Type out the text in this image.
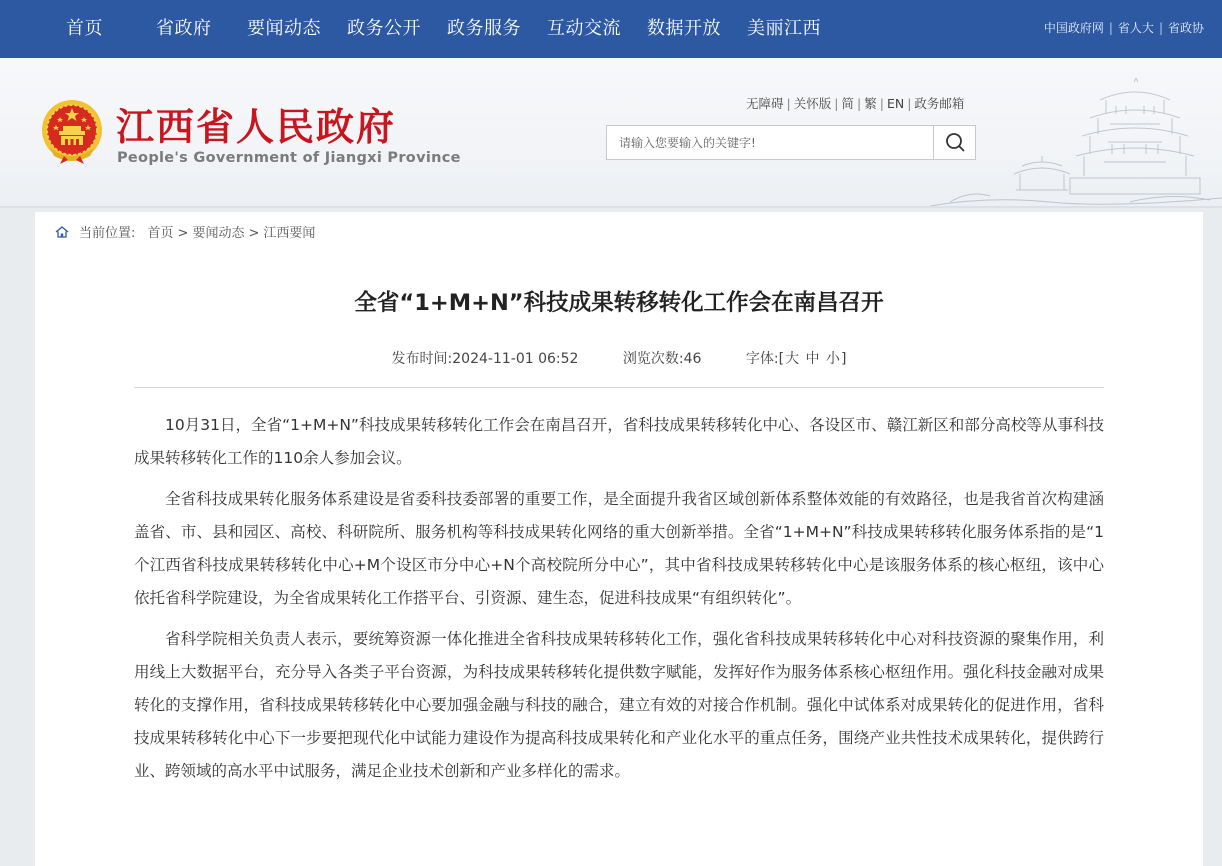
首页	省政府 要闻动态 政务公开 政务服务 互动交流 数据开放 美丽江西	中国政府网 | 省人大 | 省政协
江西省人民政府
People's Government of Jiangxi Province
无障碍 | 关怀版 | 简 | 繁 | EN | 政务邮箱
请输入您要输入的关键字!
当前位置: 首页 > 要闻动态 > 江西要闻
全省“1+M+N”科技成果转移转化工作会在南昌召开
发布时间:2024-11-01 06:52	浏览次数:46	字体:[大 中 小]

10月31日，全省“1+M+N”科技成果转移转化工作会在南昌召开，省科技成果转移转化中心、各设区市、赣江新区和部分高校等从事科技成果转移转化工作的110余人参加会议。

全省科技成果转化服务体系建设是省委科技委部署的重要工作，是全面提升我省区域创新体系整体效能的有效路径，也是我省首次构建涵盖省、市、县和园区、高校、科研院所、服务机构等科技成果转化网络的重大创新举措。全省“1+M+N”科技成果转移转化服务体系指的是“1个江西省科技成果转移转化中心+M个设区市分中心+N个高校院所分中心”，其中省科技成果转移转化中心是该服务体系的核心枢纽，该中心依托省科学院建设，为全省成果转化工作搭平台、引资源、建生态，促进科技成果“有组织转化”。

省科学院相关负责人表示，要统筹资源一体化推进全省科技成果转移转化工作，强化省科技成果转移转化中心对科技资源的聚集作用，利用线上大数据平台，充分导入各类子平台资源，为科技成果转移转化提供数字赋能，发挥好作为服务体系核心枢纽作用。强化科技金融对成果转化的支撑作用，省科技成果转移转化中心要加强金融与科技的融合，建立有效的对接合作机制。强化中试体系对成果转化的促进作用，省科技成果转移转化中心下一步要把现代化中试能力建设作为提高科技成果转化和产业化水平的重点任务，围绕产业共性技术成果转化，提供跨行业、跨领域的高水平中试服务，满足企业技术创新和产业多样化的需求。
